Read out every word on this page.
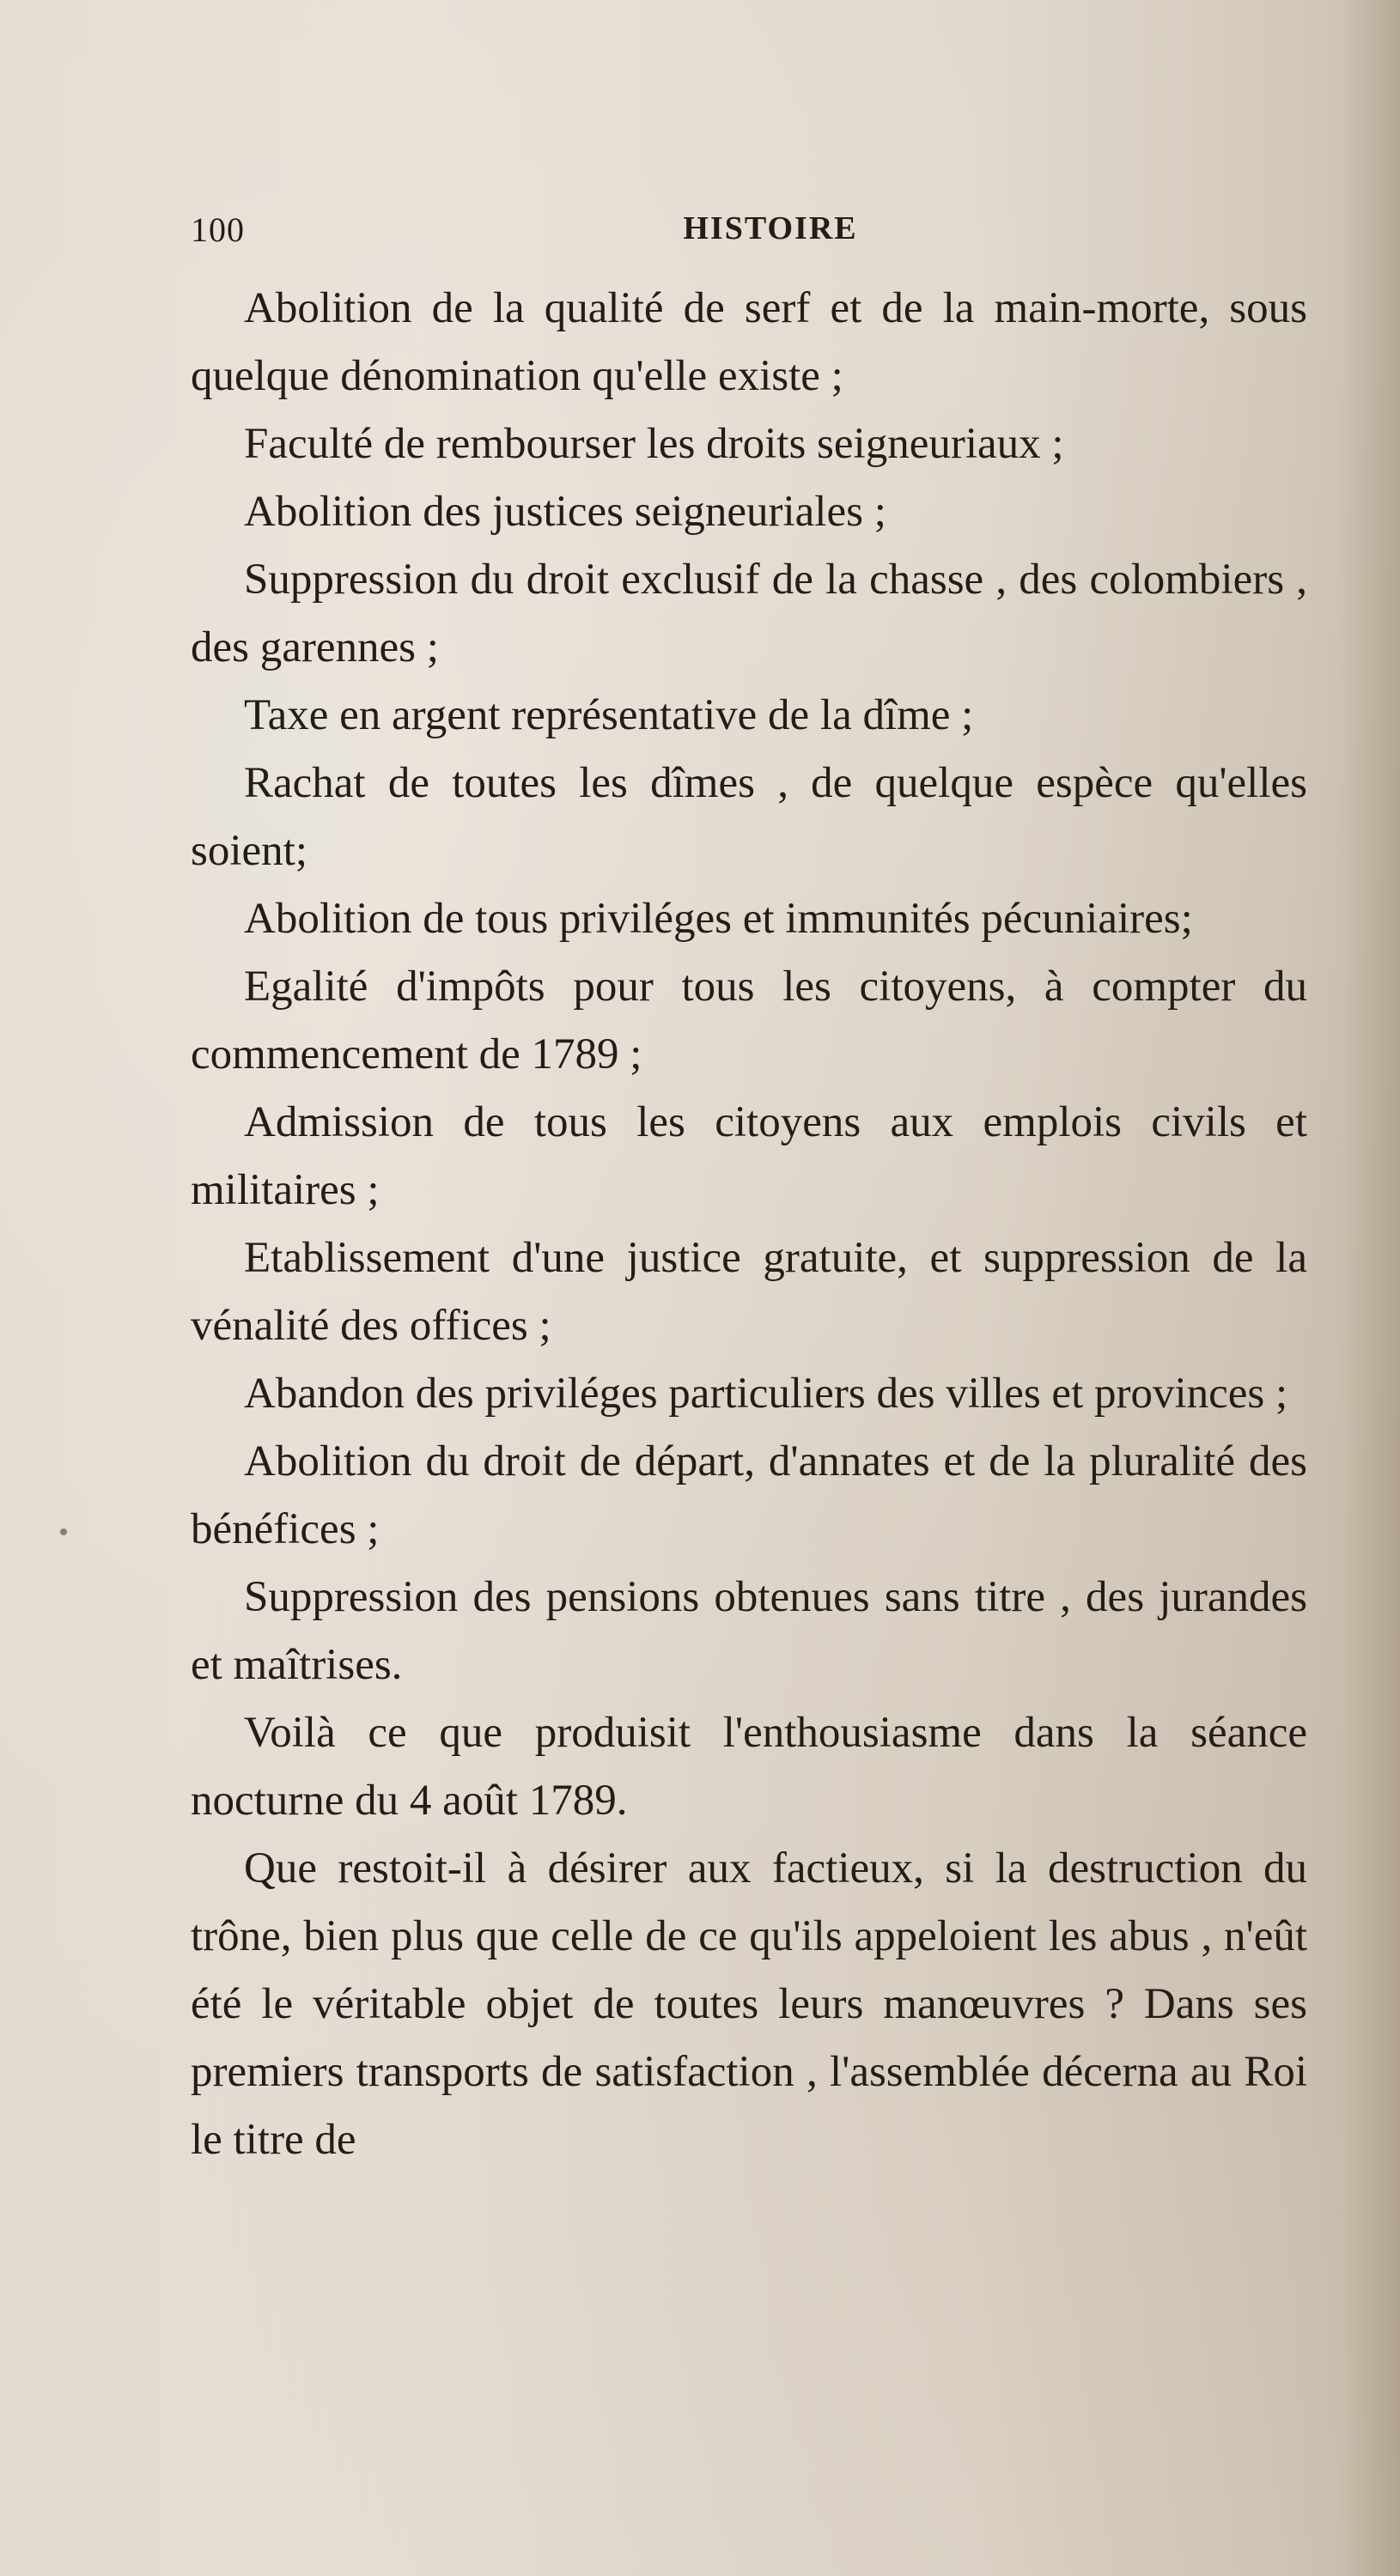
100	HISTOIRE

Abolition de la qualité de serf et de la main-morte, sous quelque dénomination qu'elle existe ;

Faculté de rembourser les droits seigneuriaux ;

Abolition des justices seigneuriales ;

Suppression du droit exclusif de la chasse , des colombiers , des garennes ;

Taxe en argent représentative de la dîme ;

Rachat de toutes les dîmes , de quelque espèce qu'elles soient;

Abolition de tous priviléges et immunités pécuniaires;

Egalité d'impôts pour tous les citoyens, à compter du commencement de 1789 ;

Admission de tous les citoyens aux emplois civils et militaires ;

Etablissement d'une justice gratuite, et suppression de la vénalité des offices ;

Abandon des priviléges particuliers des villes et provinces ;

Abolition du droit de départ, d'annates et de la pluralité des bénéfices ;

Suppression des pensions obtenues sans titre , des jurandes et maîtrises.

Voilà ce que produisit l'enthousiasme dans la séance nocturne du 4 août 1789.

Que restoit-il à désirer aux factieux, si la destruction du trône, bien plus que celle de ce qu'ils appeloient les abus , n'eût été le véritable objet de toutes leurs manœuvres ? Dans ses premiers transports de satisfaction , l'assemblée décerna au Roi le titre de
